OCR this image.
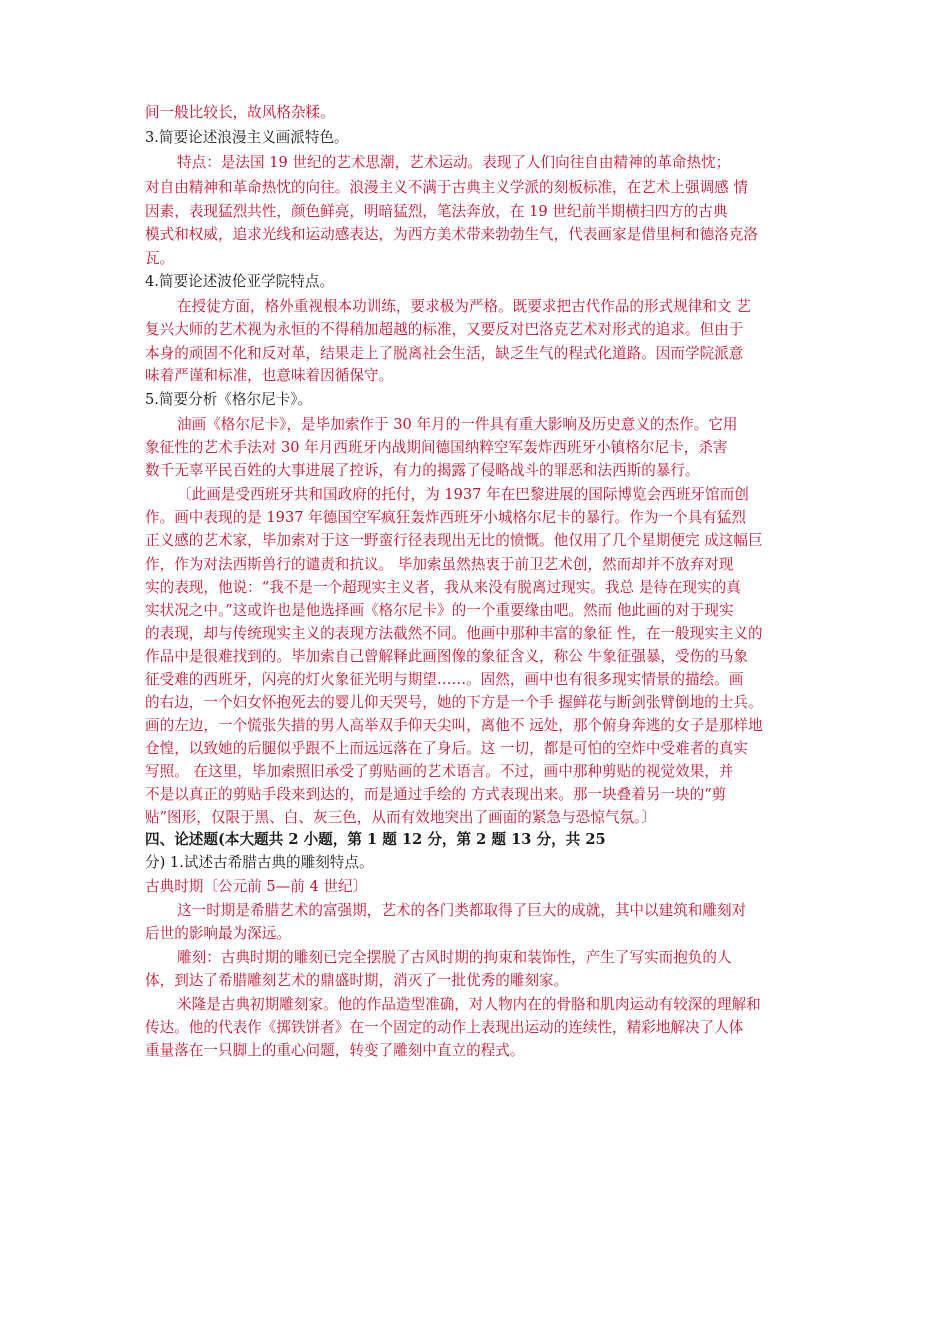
间一般比较长，故风格杂糅。

3.简要论述浪漫主义画派特色。

特点：是法国 19 世纪的艺术思潮，艺术运动。表现了人们向往自由精神的革命热忱；

对自由精神和革命热忱的向往。浪漫主义不满于古典主义学派的刻板标准，在艺术上强调感 情

因素，表现猛烈共性，颜色鲜亮，明暗猛烈，笔法奔放，在 19 世纪前半期横扫四方的古典

模式和权威，追求光线和运动感表达，为西方美术带来勃勃生气，代表画家是借里柯和德洛克洛

瓦。

4.简要论述波伦亚学院特点。

在授徒方面，格外重视根本功训练，要求极为严格。既要求把古代作品的形式规律和文 艺

复兴大师的艺术视为永恒的不得稍加超越的标准，又要反对巴洛克艺术对形式的追求。但由于

本身的顽固不化和反对革，结果走上了脱离社会生活，缺乏生气的程式化道路。因而学院派意

味着严谨和标准，也意味着因循保守。

5.简要分析《格尔尼卡》。

油画《格尔尼卡》，是毕加索作于 30 年月的一件具有重大影响及历史意义的杰作。它用

象征性的艺术手法对 30 年月西班牙内战期间德国纳粹空军轰炸西班牙小镇格尔尼卡，杀害

数千无辜平民百姓的大事进展了控诉，有力的揭露了侵略战斗的罪恶和法西斯的暴行。

〔此画是受西班牙共和国政府的托付，为 1937 年在巴黎进展的国际博览会西班牙馆而创

作。画中表现的是 1937 年德国空军疯狂轰炸西班牙小城格尔尼卡的暴行。作为一个具有猛烈

正义感的艺术家，毕加索对于这一野蛮行径表现出无比的愤慨。他仅用了几个星期便完 成这幅巨

作，作为对法西斯兽行的谴责和抗议。 毕加索虽然热衷于前卫艺术创，然而却并不放弃对现

实的表现，他说：“我不是一个超现实主义者，我从来没有脱离过现实。我总 是待在现实的真

实状况之中。”这或许也是他选择画《格尔尼卡》的一个重要缘由吧。然而 他此画的对于现实

的表现，却与传统现实主义的表现方法截然不同。他画中那种丰富的象征 性，在一般现实主义的

作品中是很难找到的。毕加索自己曾解释此画图像的象征含义，称公 牛象征强暴，受伤的马象

征受难的西班牙，闪亮的灯火象征光明与期望……。固然，画中也有很多现实情景的描绘。画

的右边，一个妇女怀抱死去的婴儿仰天哭号，她的下方是一个手 握鲜花与断剑张臂倒地的士兵。

画的左边，一个慌张失措的男人高举双手仰天尖叫，离他不 远处，那个俯身奔逃的女子是那样地

仓惶，以致她的后腿似乎跟不上而远远落在了身后。这 一切，都是可怕的空炸中受难者的真实

写照。 在这里，毕加索照旧承受了剪贴画的艺术语言。不过，画中那种剪贴的视觉效果，并

不是以真正的剪贴手段来到达的，而是通过手绘的 方式表现出来。那一块叠着另一块的“剪

贴”图形，仅限于黑、白、灰三色，从而有效地突出了画面的紧急与恐惊气氛。〕

四、论述题(本大题共 2 小题，第 1 题 12 分，第 2 题 13 分，共 25

分) 1.试述古希腊古典的雕刻特点。

古典时期〔公元前 5—前 4 世纪〕

这一时期是希腊艺术的富强期，艺术的各门类都取得了巨大的成就，其中以建筑和雕刻对

后世的影响最为深远。

雕刻：古典时期的雕刻已完全摆脱了古风时期的拘束和装饰性，产生了写实而抱负的人

体，到达了希腊雕刻艺术的鼎盛时期，消灭了一批优秀的雕刻家。

米隆是古典初期雕刻家。他的作品造型准确，对人物内在的骨胳和肌肉运动有较深的理解和

传达。他的代表作《掷铁饼者》在一个固定的动作上表现出运动的连续性，精彩地解决了人体

重量落在一只脚上的重心问题，转变了雕刻中直立的程式。
